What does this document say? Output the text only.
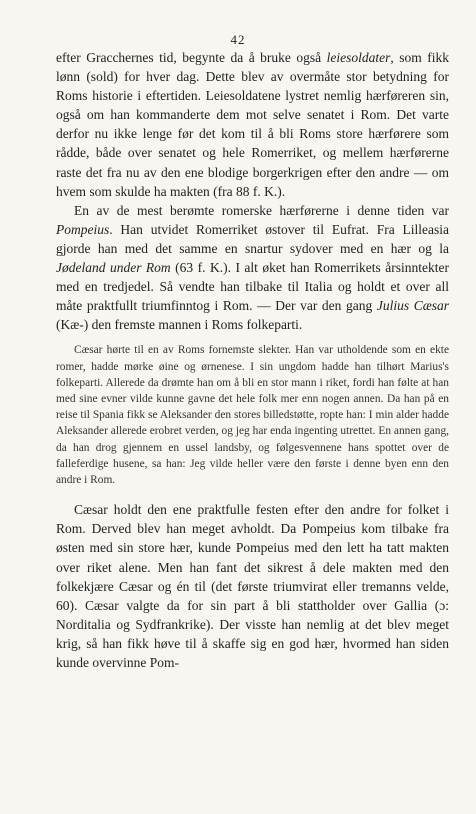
42

efter Gracchernes tid, begynte da å bruke også leiesoldater, som fikk lønn (sold) for hver dag. Dette blev av overmåte stor betydning for Roms historie i eftertiden. Leiesoldatene lystret nemlig hærføreren sin, også om han kommanderte dem mot selve senatet i Rom. Det varte derfor nu ikke lenge før det kom til å bli Roms store hærførere som rådde, både over senatet og hele Romerriket, og mellem hærførerne raste det fra nu av den ene blodige borgerkrigen efter den andre — om hvem som skulde ha makten (fra 88 f. K.).

En av de mest berømte romerske hærførerne i denne tiden var Pompeius. Han utvidet Romerriket østover til Eufrat. Fra Lilleasia gjorde han med det samme en snartur sydover med en hær og la Jødeland under Rom (63 f. K.). I alt øket han Romerrikets årsinntekter med en tredjedel. Så vendte han tilbake til Italia og holdt et over all måte praktfullt triumfinntog i Rom. — Der var den gang Julius Cæsar (Kæ-) den fremste mannen i Roms folkeparti.

Cæsar hørte til en av Roms fornemste slekter. Han var utholdende som en ekte romer, hadde mørke øine og ørnenese. I sin ungdom hadde han tilhørt Marius's folkeparti. Allerede da drømte han om å bli en stor mann i riket, fordi han følte at han med sine evner vilde kunne gavne det hele folk mer enn nogen annen. Da han på en reise til Spania fikk se Aleksander den stores billedstøtte, ropte han: I min alder hadde Aleksander allerede erobret verden, og jeg har enda ingenting utrettet. En annen gang, da han drog gjennem en ussel landsby, og følgesvennene hans spottet over de falleferdige husene, sa han: Jeg vilde heller være den første i denne byen enn den andre i Rom.

Cæsar holdt den ene praktfulle festen efter den andre for folket i Rom. Derved blev han meget avholdt. Da Pompeius kom tilbake fra østen med sin store hær, kunde Pompeius med den lett ha tatt makten over riket alene. Men han fant det sikrest å dele makten med den folkekjære Cæsar og én til (det første triumvirat eller tremanns velde, 60). Cæsar valgte da for sin part å bli stattholder over Gallia (ɔ: Norditalia og Sydfrankrike). Der visste han nemlig at det blev meget krig, så han fikk høve til å skaffe sig en god hær, hvormed han siden kunde overvinne Pom-
